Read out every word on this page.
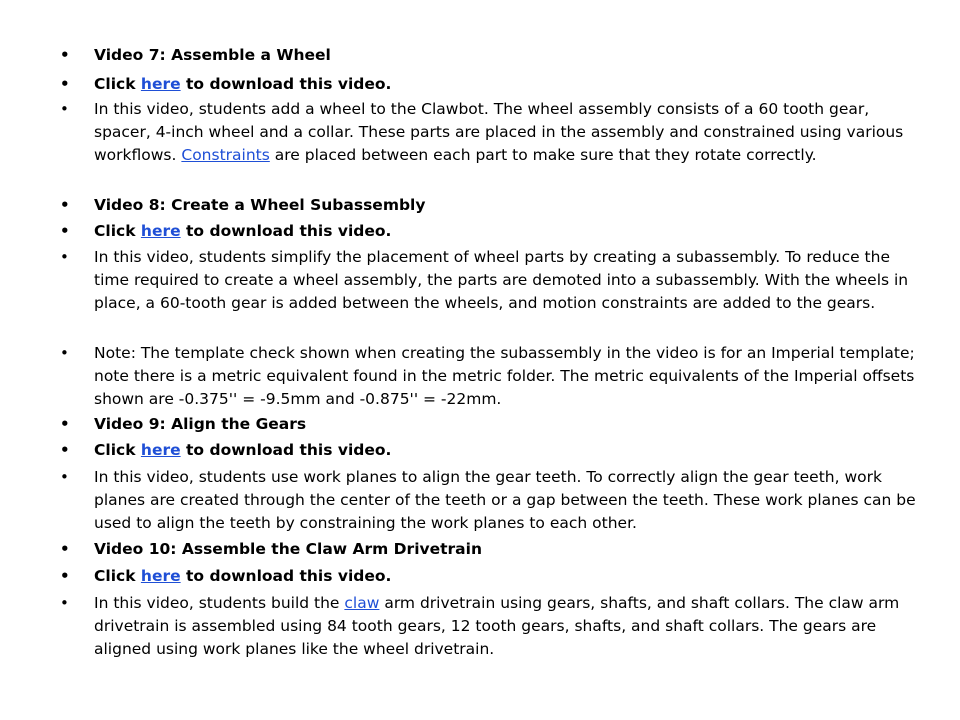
• Video 7: Assemble a Wheel
• Click here to download this video.
• In this video, students add a wheel to the Clawbot. The wheel assembly consists of a 60 tooth gear, spacer, 4-inch wheel and a collar. These parts are placed in the assembly and constrained using various workflows. Constraints are placed between each part to make sure that they rotate correctly.
• Video 8: Create a Wheel Subassembly
• Click here to download this video.
• In this video, students simplify the placement of wheel parts by creating a subassembly. To reduce the time required to create a wheel assembly, the parts are demoted into a subassembly. With the wheels in place, a 60-tooth gear is added between the wheels, and motion constraints are added to the gears.
• Note: The template check shown when creating the subassembly in the video is for an Imperial template; note there is a metric equivalent found in the metric folder. The metric equivalents of the Imperial offsets shown are -0.375'' = -9.5mm and -0.875'' = -22mm.
• Video 9: Align the Gears
• Click here to download this video.
• In this video, students use work planes to align the gear teeth. To correctly align the gear teeth, work planes are created through the center of the teeth or a gap between the teeth. These work planes can be used to align the teeth by constraining the work planes to each other.
• Video 10: Assemble the Claw Arm Drivetrain
• Click here to download this video.
• In this video, students build the claw arm drivetrain using gears, shafts, and shaft collars. The claw arm drivetrain is assembled using 84 tooth gears, 12 tooth gears, shafts, and shaft collars. The gears are aligned using work planes like the wheel drivetrain.
